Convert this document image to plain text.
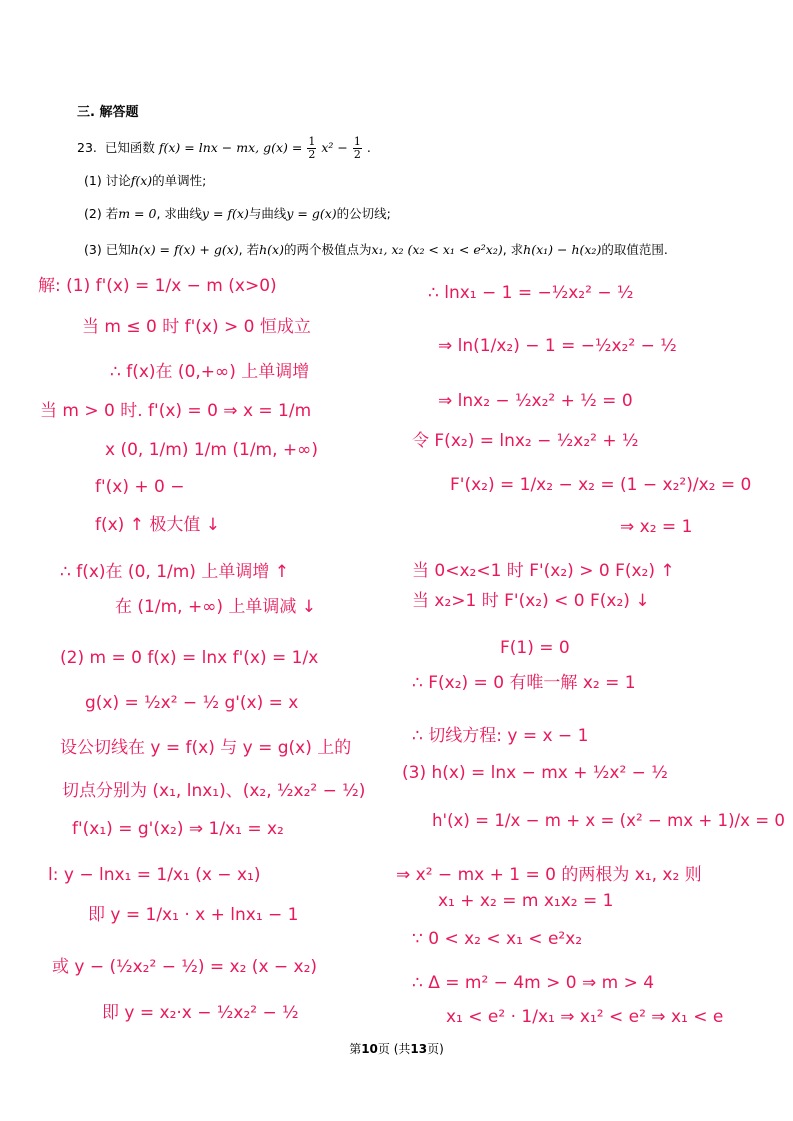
三. 解答题
23. 已知函数 f(x) = lnx − mx, $g(x) = \frac{1}{2} x^2 - \frac{1}{2}$ .
(1) 讨论f(x)的单调性;
(2) 若m = 0, 求曲线y = f(x)与曲线y = g(x)的公切线;
(3) 已知h(x) = f(x) + g(x), 若h(x)的两个极值点为x₁, x₂ (x₂ < x₁ < e²x₂), 求h(x₁) − h(x₂)的取值范围.
解: (1) f'(x) = 1/x − m (x>0)
当 m ≤ 0 时 f'(x) > 0 恒成立
∴ f(x)在 (0,+∞) 上单调增
当 m > 0 时. f'(x) = 0 ⇒ x = 1/m
x (0, 1/m) 1/m (1/m, +∞)
f'(x) + 0 −
f(x) ↑ 极大值 ↓
∴ f(x)在 (0, 1/m) 上单调增 ↑
在 (1/m, +∞) 上单调减 ↓
(2) m = 0 f(x) = lnx f'(x) = 1/x
g(x) = ½x² − ½ g'(x) = x
设公切线在 y = f(x) 与 y = g(x) 上的
切点分别为 (x₁, lnx₁)、(x₂, ½x₂² − ½)
f'(x₁) = g'(x₂) ⇒ 1/x₁ = x₂
l: y − lnx₁ = 1/x₁ (x − x₁)
即 y = 1/x₁ · x + lnx₁ − 1
或 y − (½x₂² − ½) = x₂ (x − x₂)
即 y = x₂·x − ½x₂² − ½
∴ lnx₁ − 1 = −½x₂² − ½
⇒ ln(1/x₂) − 1 = −½x₂² − ½
⇒ lnx₂ − ½x₂² + ½ = 0
令 F(x₂) = lnx₂ − ½x₂² + ½
F'(x₂) = 1/x₂ − x₂ = (1 − x₂²)/x₂ = 0
⇒ x₂ = 1
当 0<x₂<1 时 F'(x₂) > 0 F(x₂) ↑
当 x₂>1 时 F'(x₂) < 0 F(x₂) ↓
F(1) = 0
∴ F(x₂) = 0 有唯一解 x₂ = 1
∴ 切线方程: y = x − 1
(3) h(x) = lnx − mx + ½x² − ½
h'(x) = 1/x − m + x = (x² − mx + 1)/x = 0
⇒ x² − mx + 1 = 0 的两根为 x₁, x₂ 则
x₁ + x₂ = m x₁x₂ = 1
∵ 0 < x₂ < x₁ < e²x₂
∴ Δ = m² − 4m > 0 ⇒ m > 4
x₁ < e² · 1/x₁ ⇒ x₁² < e² ⇒ x₁ < e
第10页 (共13页)
